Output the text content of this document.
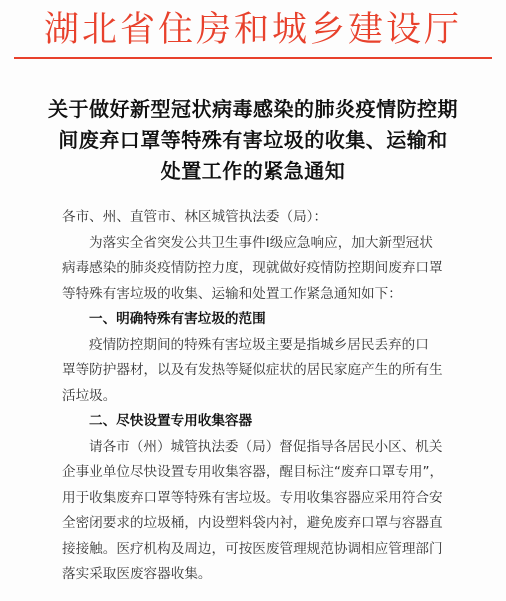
湖北省住房和城乡建设厅
关于做好新型冠状病毒感染的肺炎疫情防控期
间废弃口罩等特殊有害垃圾的收集、运输和
处置工作的紧急通知
各市、州、直管市、林区城管执法委（局）：
为落实全省突发公共卫生事件Ⅰ级应急响应，加大新型冠状
病毒感染的肺炎疫情防控力度，现就做好疫情防控期间废弃口罩
等特殊有害垃圾的收集、运输和处置工作紧急通知如下：
一、明确特殊有害垃圾的范围
疫情防控期间的特殊有害垃圾主要是指城乡居民丢弃的口
罩等防护器材，以及有发热等疑似症状的居民家庭产生的所有生
活垃圾。
二、尽快设置专用收集容器
请各市（州）城管执法委（局）督促指导各居民小区、机关
企事业单位尽快设置专用收集容器，醒目标注“废弃口罩专用”，
用于收集废弃口罩等特殊有害垃圾。专用收集容器应采用符合安
全密闭要求的垃圾桶，内设塑料袋内衬，避免废弃口罩与容器直
接接触。医疗机构及周边，可按医废管理规范协调相应管理部门
落实采取医废容器收集。
